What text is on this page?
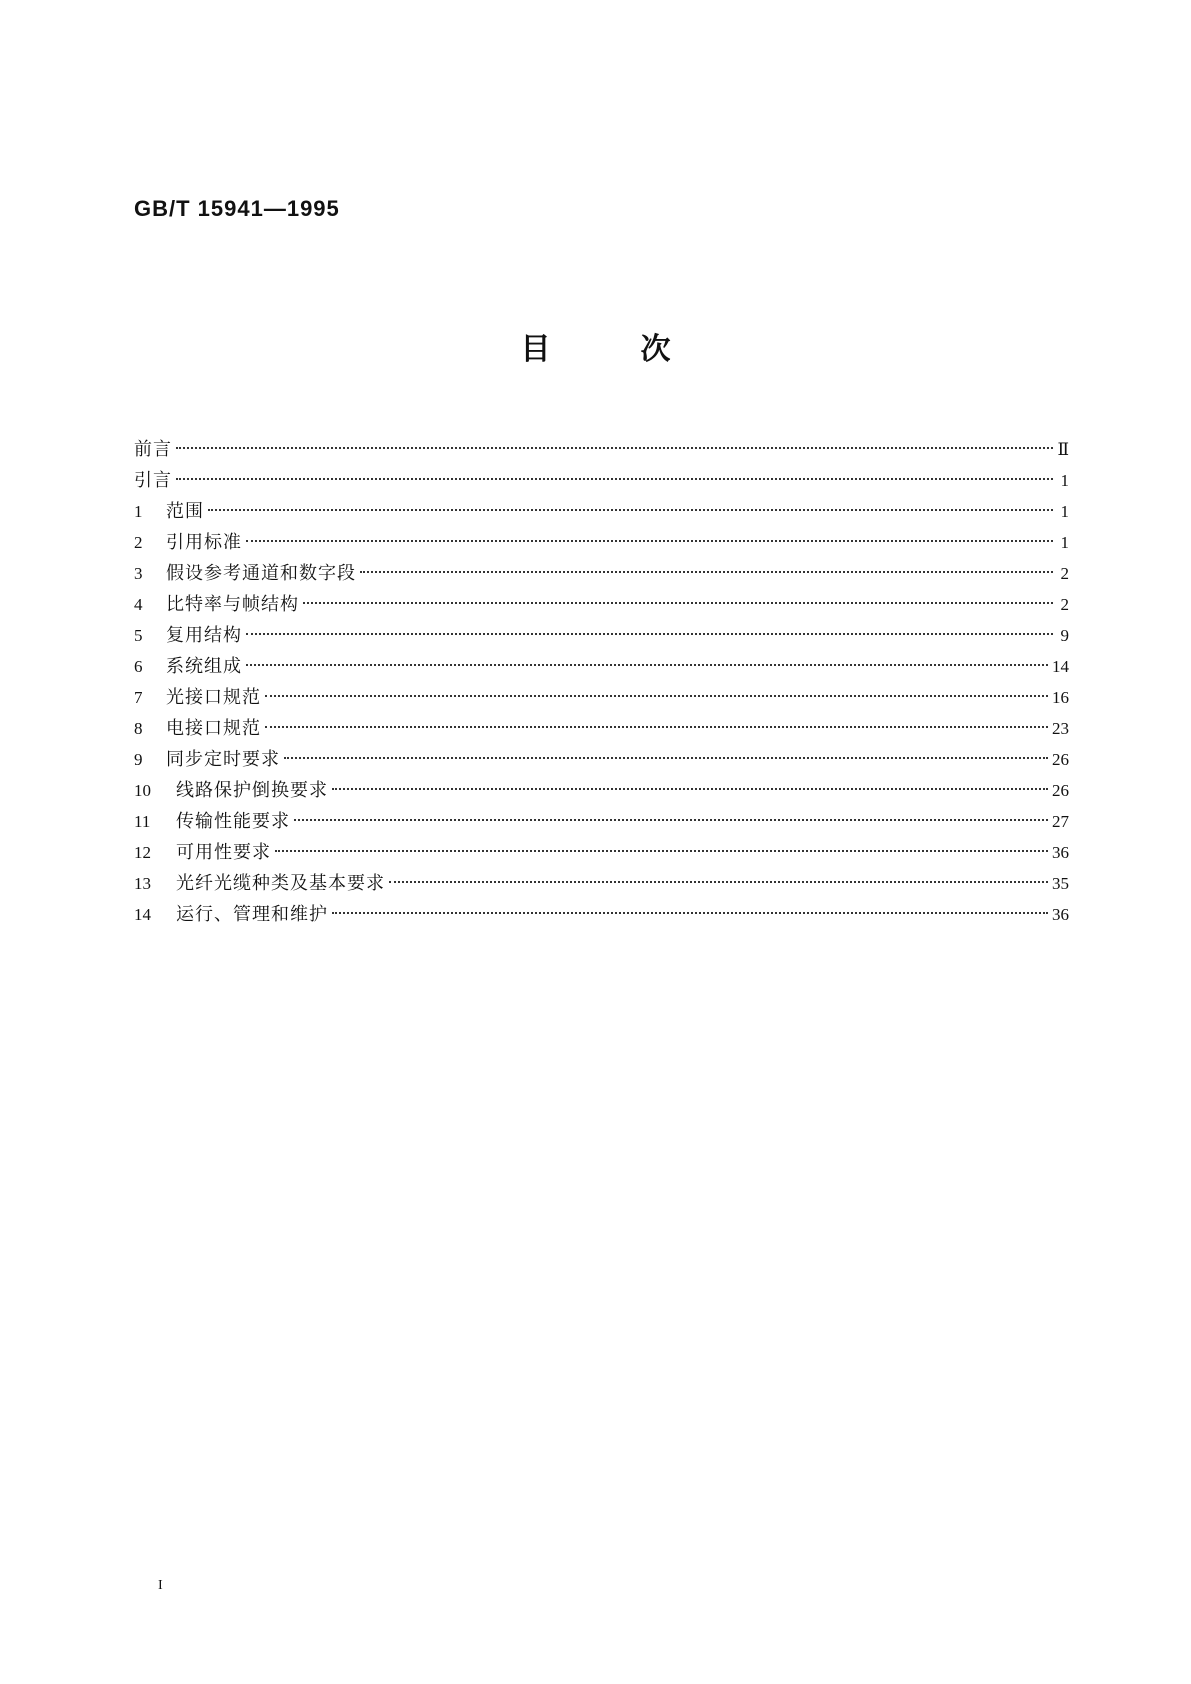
GB/T 15941—1995
目	次
前言	Ⅱ
引言	1
1	范围	1
2	引用标准	1
3	假设参考通道和数字段	2
4	比特率与帧结构	2
5	复用结构	9
6	系统组成	14
7	光接口规范	16
8	电接口规范	23
9	同步定时要求	26
10	线路保护倒换要求	26
11	传输性能要求	27
12	可用性要求	36
13	光纤光缆种类及基本要求	35
14	运行、管理和维护	36
I
